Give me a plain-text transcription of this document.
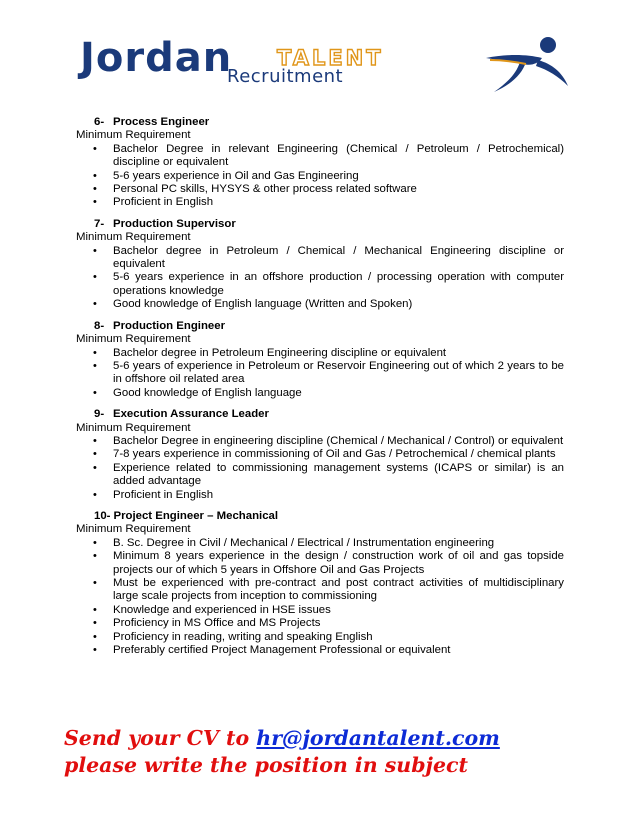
Jordan TALENT
Recruitment
6- Process Engineer
Minimum Requirement
• Bachelor Degree in relevant Engineering (Chemical / Petroleum / Petrochemical) discipline or equivalent
• 5-6 years experience in Oil and Gas Engineering
• Personal PC skills, HYSYS & other process related software
• Proficient in English
7- Production Supervisor
Minimum Requirement
• Bachelor degree in Petroleum / Chemical / Mechanical Engineering discipline or equivalent
• 5-6 years experience in an offshore production / processing operation with computer operations knowledge
• Good knowledge of English language (Written and Spoken)
8- Production Engineer
Minimum Requirement
• Bachelor degree in Petroleum Engineering discipline or equivalent
• 5-6 years of experience in Petroleum or Reservoir Engineering out of which 2 years to be in offshore oil related area
• Good knowledge of English language
9- Execution Assurance Leader
Minimum Requirement
• Bachelor Degree in engineering discipline (Chemical / Mechanical / Control) or equivalent
• 7-8 years experience in commissioning of Oil and Gas / Petrochemical / chemical plants
• Experience related to commissioning management systems (ICAPS or similar) is an added advantage
• Proficient in English
10- Project Engineer – Mechanical
Minimum Requirement
• B. Sc. Degree in Civil / Mechanical / Electrical / Instrumentation engineering
• Minimum 8 years experience in the design / construction work of oil and gas topside projects our of which 5 years in Offshore Oil and Gas Projects
• Must be experienced with pre-contract and post contract activities of multidisciplinary large scale projects from inception to commissioning
• Knowledge and experienced in HSE issues
• Proficiency in MS Office and MS Projects
• Proficiency in reading, writing and speaking English
• Preferably certified Project Management Professional or equivalent
Send your CV to hr@jordantalent.com
please write the position in subject
